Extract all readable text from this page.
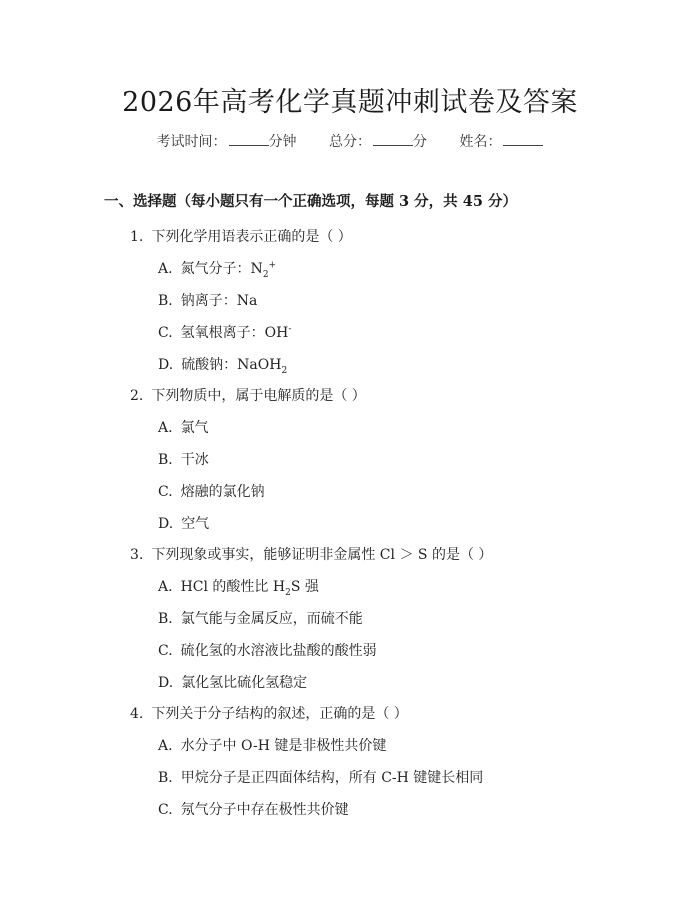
2026年高考化学真题冲刺试卷及答案
考试时间：	分钟 总分：	分 姓名：
一、选择题（每小题只有一个正确选项，每题 3 分，共 45 分）
1. 下列化学用语表示正确的是（ ）
A. 氮气分子：$N_2^+$
B. 钠离子：Na
C. 氢氧根离子：OH-
D. 硫酸钠：NaOH$_2$
2. 下列物质中，属于电解质的是（ ）
A. 氯气
B. 干冰
C. 熔融的氯化钠
D. 空气
3. 下列现象或事实，能够证明非金属性 Cl ＞ S 的是（ ）
A. HCl 的酸性比 $H_2S$ 强
B. 氯气能与金属反应，而硫不能
C. 硫化氢的水溶液比盐酸的酸性弱
D. 氯化氢比硫化氢稳定
4. 下列关于分子结构的叙述，正确的是（ ）
A. 水分子中 O-H 键是非极性共价键
B. 甲烷分子是正四面体结构，所有 C-H 键键长相同
C. 氖气分子中存在极性共价键
